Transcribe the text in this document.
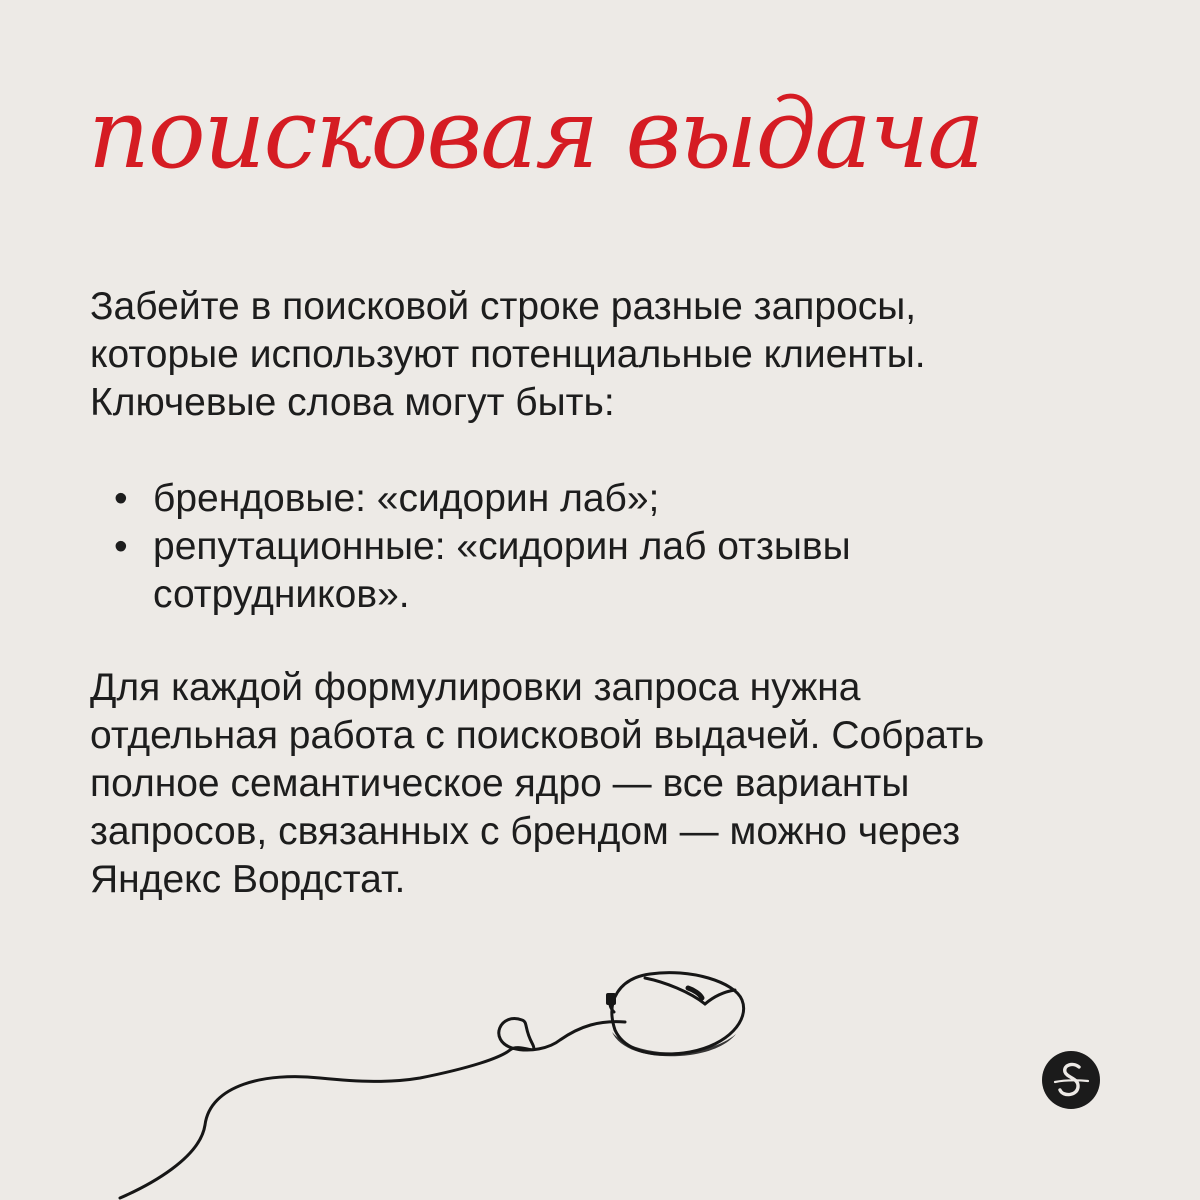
поисковая выдача

Забейте в поисковой строке разные запросы,
которые используют потенциальные клиенты.
Ключевые слова могут быть:

• брендовые: «сидорин лаб»;
• репутационные: «сидорин лаб отзывы
сотрудников».

Для каждой формулировки запроса нужна
отдельная работа с поисковой выдачей. Собрать
полное семантическое ядро — все варианты
запросов, связанных с брендом — можно через
Яндекс Вордстат.
